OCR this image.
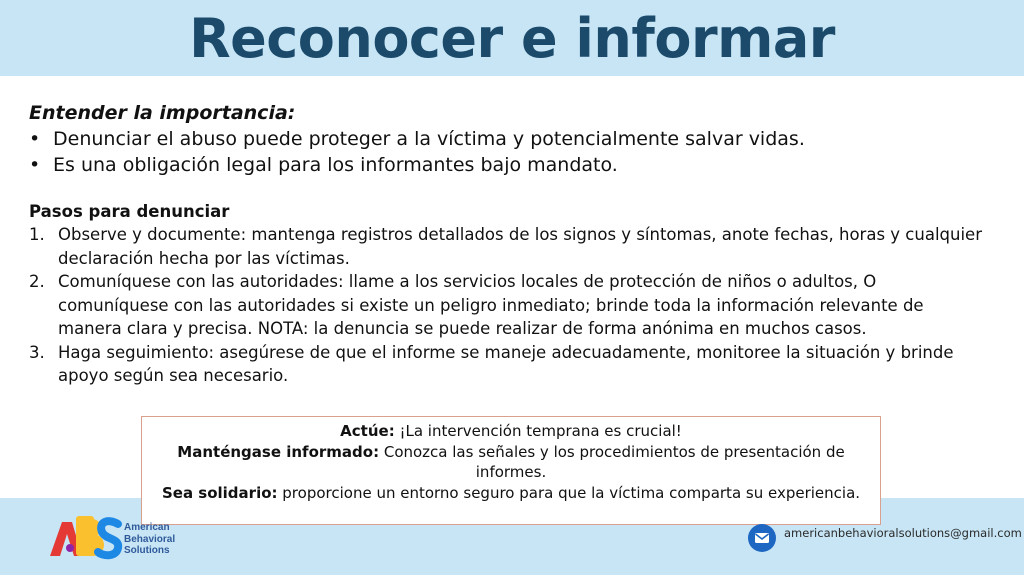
Reconocer e informar

Entender la importancia:

• Denunciar el abuso puede proteger a la víctima y potencialmente salvar vidas.
• Es una obligación legal para los informantes bajo mandato.

Pasos para denunciar

1. Observe y documente: mantenga registros detallados de los signos y síntomas, anote fechas, horas y cualquier declaración hecha por las víctimas.
2. Comuníquese con las autoridades: llame a los servicios locales de protección de niños o adultos, O comuníquese con las autoridades si existe un peligro inmediato; brinde toda la información relevante de manera clara y precisa. NOTA: la denuncia se puede realizar de forma anónima en muchos casos.
3. Haga seguimiento: asegúrese de que el informe se maneje adecuadamente, monitoree la situación y brinde apoyo según sea necesario.

Actúe: ¡La intervención temprana es crucial!

Manténgase informado: Conozca las señales y los procedimientos de presentación de informes.

Sea solidario: proporcione un entorno seguro para que la víctima comparta su experiencia.

American
Behavioral
Solutions
americanbehavioralsolutions@gmail.com
